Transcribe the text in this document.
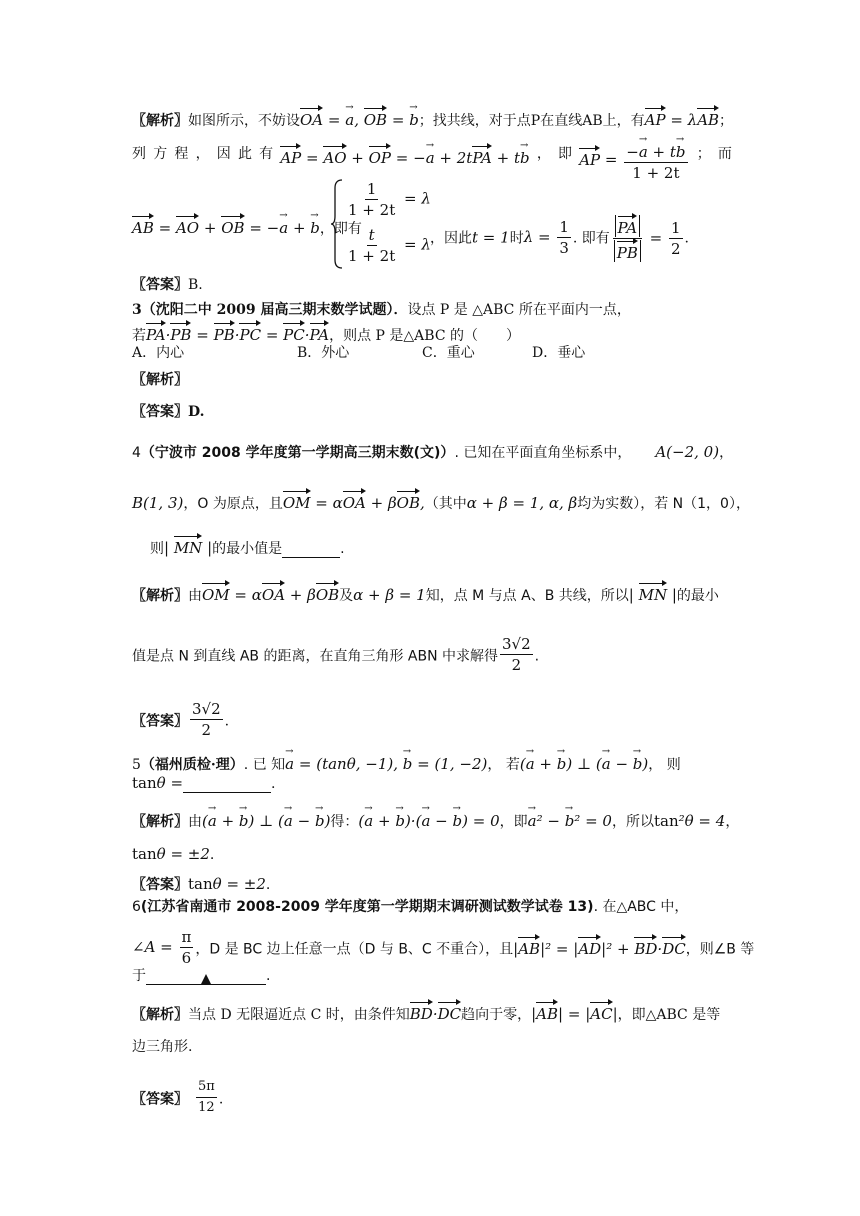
〖解析〗如图所示，不妨设OA = a →, OB = b →；找共线，对于点P在直线AB上，有AP = λAB；
列 方 程 ， 因 此 有 AP = AO + OP = −a → + 2tPA + tb → ， 即 AP = $\frac{-a \to + tb \to}{1 + 2t}$ ； 而
AB = AO + OB = −a → + b →，即有
$\frac{1}{1 + 2t} = \lambda$
$\frac{t}{1 + 2t} = \lambda$ ，因此t = 1时$\lambda = \frac{1}{3}$ . 即有 $\frac{PA}{PB} = \frac{1}{2}$ .
〖答案〗B.
3（沈阳二中 2009 届高三期末数学试题）．设点 P 是 △ABC 所在平面内一点，
若PA·PB = PB·PC = PC·PA，则点 P 是△ABC 的（　　）
A．内心	B．外心	C．重心	D．垂心
〖解析〗
〖答案〗D.
4（宁波市 2008 学年度第一学期高三期末数(文)）. 已知在平面直角坐标系中， A(−2, 0)，
B(1, 3)，O 为原点，且OM = αOA + βOB,（其中α + β = 1, α, β均为实数），若 N（1，0），
则| MN |的最小值是	.
〖解析〗由OM = αOA + βOB及α + β = 1知，点 M 与点 A、B 共线，所以| MN |的最小
值是点 N 到直线 AB 的距离，在直角三角形 ABN 中求解得 $\frac{3√2}{2}$ .
〖答案〗 $\frac{3√2}{2}$ .
5（福州质检·理）. 已 知a → = (tanθ, −1), b → = (1, −2)， 若(a → + b →) ⊥ (a → − b →)， 则
tanθ =	.
〖解析〗由(a → + b →) ⊥ (a → − b →)得：(a → + b →)·(a → − b →) = 0，即a →² − b →² = 0，所以tan²θ = 4，
tanθ = ±2.
〖答案〗tanθ = ±2.
6(江苏省南通市 2008-2009 学年度第一学期期末调研测试数学试卷 13). 在△ABC 中，
∠A = $\frac{\pi}{6}$ ，D 是 BC 边上任意一点（D 与 B、C 不重合），且|AB|² = |AD|² + BD·DC，则∠B 等
于	▲	.
〖解析〗当点 D 无限逼近点 C 时，由条件知BD·DC趋向于零，|AB| = |AC|，即△ABC 是等
边三角形.
〖答案〗 $\frac{5\pi}{12}$ .
